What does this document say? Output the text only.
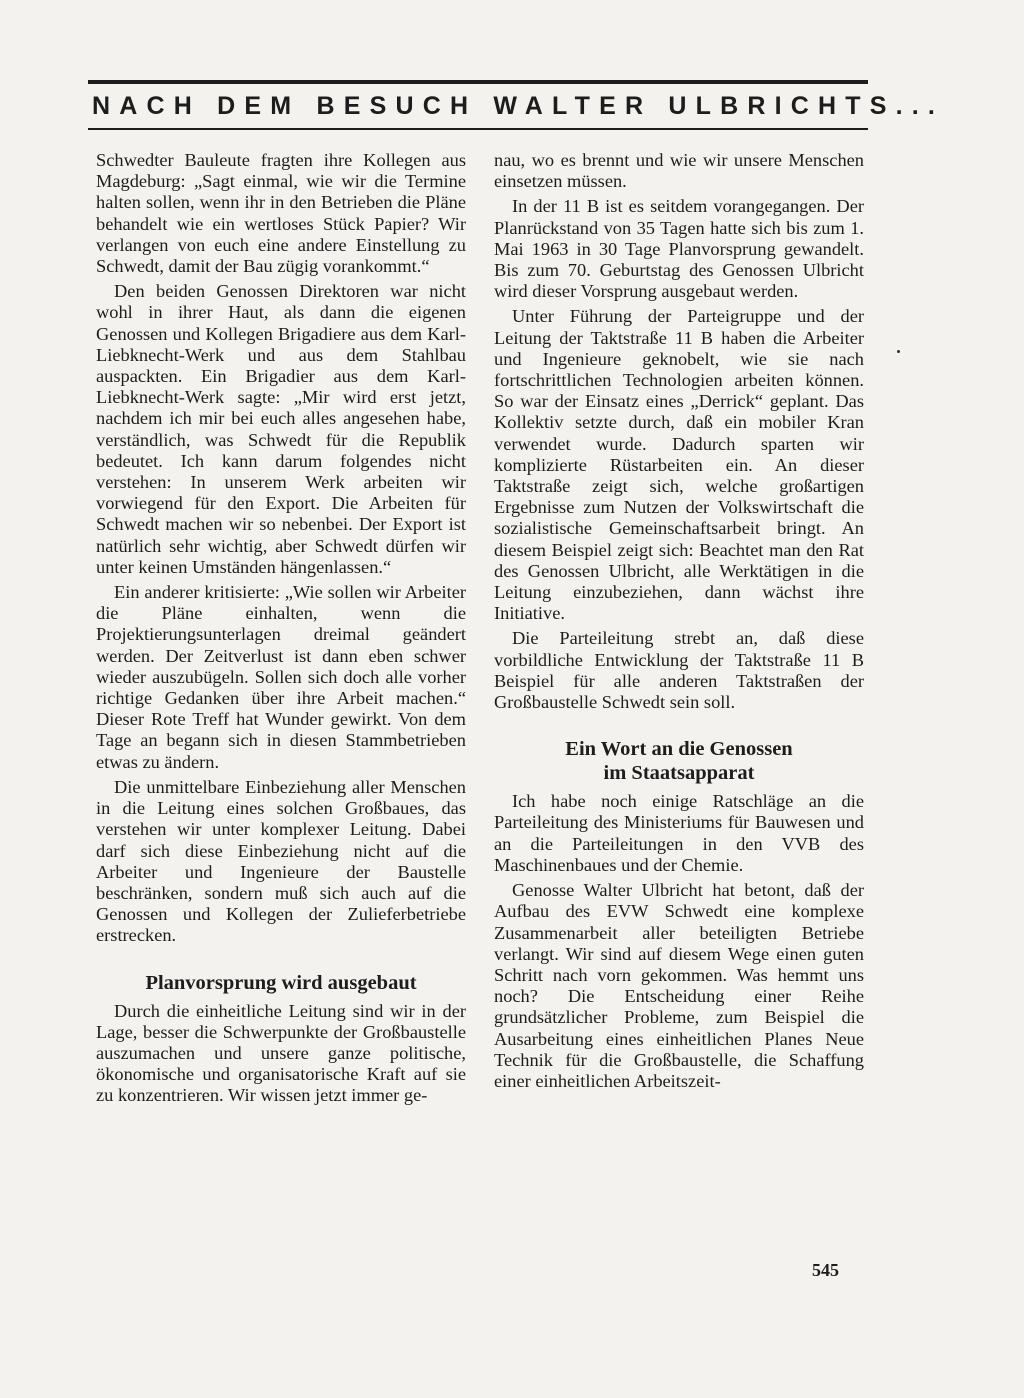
NACH DEM BESUCH WALTER ULBRICHTS...

Schwedter Bauleute fragten ihre Kollegen aus Magdeburg: „Sagt einmal, wie wir die Termine halten sollen, wenn ihr in den Betrieben die Pläne behandelt wie ein wertloses Stück Papier? Wir verlangen von euch eine andere Einstellung zu Schwedt, damit der Bau zügig vorankommt.“

Den beiden Genossen Direktoren war nicht wohl in ihrer Haut, als dann die eigenen Genossen und Kollegen Brigadiere aus dem Karl-Liebknecht-Werk und aus dem Stahlbau auspackten. Ein Brigadier aus dem Karl-Liebknecht-Werk sagte: „Mir wird erst jetzt, nachdem ich mir bei euch alles angesehen habe, verständlich, was Schwedt für die Republik bedeutet. Ich kann darum folgendes nicht verstehen: In unserem Werk arbeiten wir vorwiegend für den Export. Die Arbeiten für Schwedt machen wir so nebenbei. Der Export ist natürlich sehr wichtig, aber Schwedt dürfen wir unter keinen Umständen hängenlassen.“

Ein anderer kritisierte: „Wie sollen wir Arbeiter die Pläne einhalten, wenn die Projektierungsunterlagen dreimal geändert werden. Der Zeitverlust ist dann eben schwer wieder auszubügeln. Sollen sich doch alle vorher richtige Gedanken über ihre Arbeit machen.“ Dieser Rote Treff hat Wunder gewirkt. Von dem Tage an begann sich in diesen Stammbetrieben etwas zu ändern.

Die unmittelbare Einbeziehung aller Menschen in die Leitung eines solchen Großbaues, das verstehen wir unter komplexer Leitung. Dabei darf sich diese Einbeziehung nicht auf die Arbeiter und Ingenieure der Baustelle beschränken, sondern muß sich auch auf die Genossen und Kollegen der Zulieferbetriebe erstrecken.

Planvorsprung wird ausgebaut

Durch die einheitliche Leitung sind wir in der Lage, besser die Schwerpunkte der Großbaustelle auszumachen und unsere ganze politische, ökonomische und organisatorische Kraft auf sie zu konzentrieren. Wir wissen jetzt immer ge-

nau, wo es brennt und wie wir unsere Menschen einsetzen müssen.

In der 11 B ist es seitdem vorangegangen. Der Planrückstand von 35 Tagen hatte sich bis zum 1. Mai 1963 in 30 Tage Planvorsprung gewandelt. Bis zum 70. Geburtstag des Genossen Ulbricht wird dieser Vorsprung ausgebaut werden.

Unter Führung der Parteigruppe und der Leitung der Taktstraße 11 B haben die Arbeiter und Ingenieure geknobelt, wie sie nach fortschrittlichen Technologien arbeiten können. So war der Einsatz eines „Derrick“ geplant. Das Kollektiv setzte durch, daß ein mobiler Kran verwendet wurde. Dadurch sparten wir komplizierte Rüstarbeiten ein. An dieser Taktstraße zeigt sich, welche großartigen Ergebnisse zum Nutzen der Volkswirtschaft die sozialistische Gemeinschaftsarbeit bringt. An diesem Beispiel zeigt sich: Beachtet man den Rat des Genossen Ulbricht, alle Werktätigen in die Leitung einzubeziehen, dann wächst ihre Initiative.

Die Parteileitung strebt an, daß diese vorbildliche Entwicklung der Taktstraße 11 B Beispiel für alle anderen Taktstraßen der Großbaustelle Schwedt sein soll.

Ein Wort an die Genossen
im Staatsapparat

Ich habe noch einige Ratschläge an die Parteileitung des Ministeriums für Bauwesen und an die Parteileitungen in den VVB des Maschinenbaues und der Chemie.

Genosse Walter Ulbricht hat betont, daß der Aufbau des EVW Schwedt eine komplexe Zusammenarbeit aller beteiligten Betriebe verlangt. Wir sind auf diesem Wege einen guten Schritt nach vorn gekommen. Was hemmt uns noch? Die Entscheidung einer Reihe grundsätzlicher Probleme, zum Beispiel die Ausarbeitung eines einheitlichen Planes Neue Technik für die Großbaustelle, die Schaffung einer einheitlichen Arbeitszeit-

545
